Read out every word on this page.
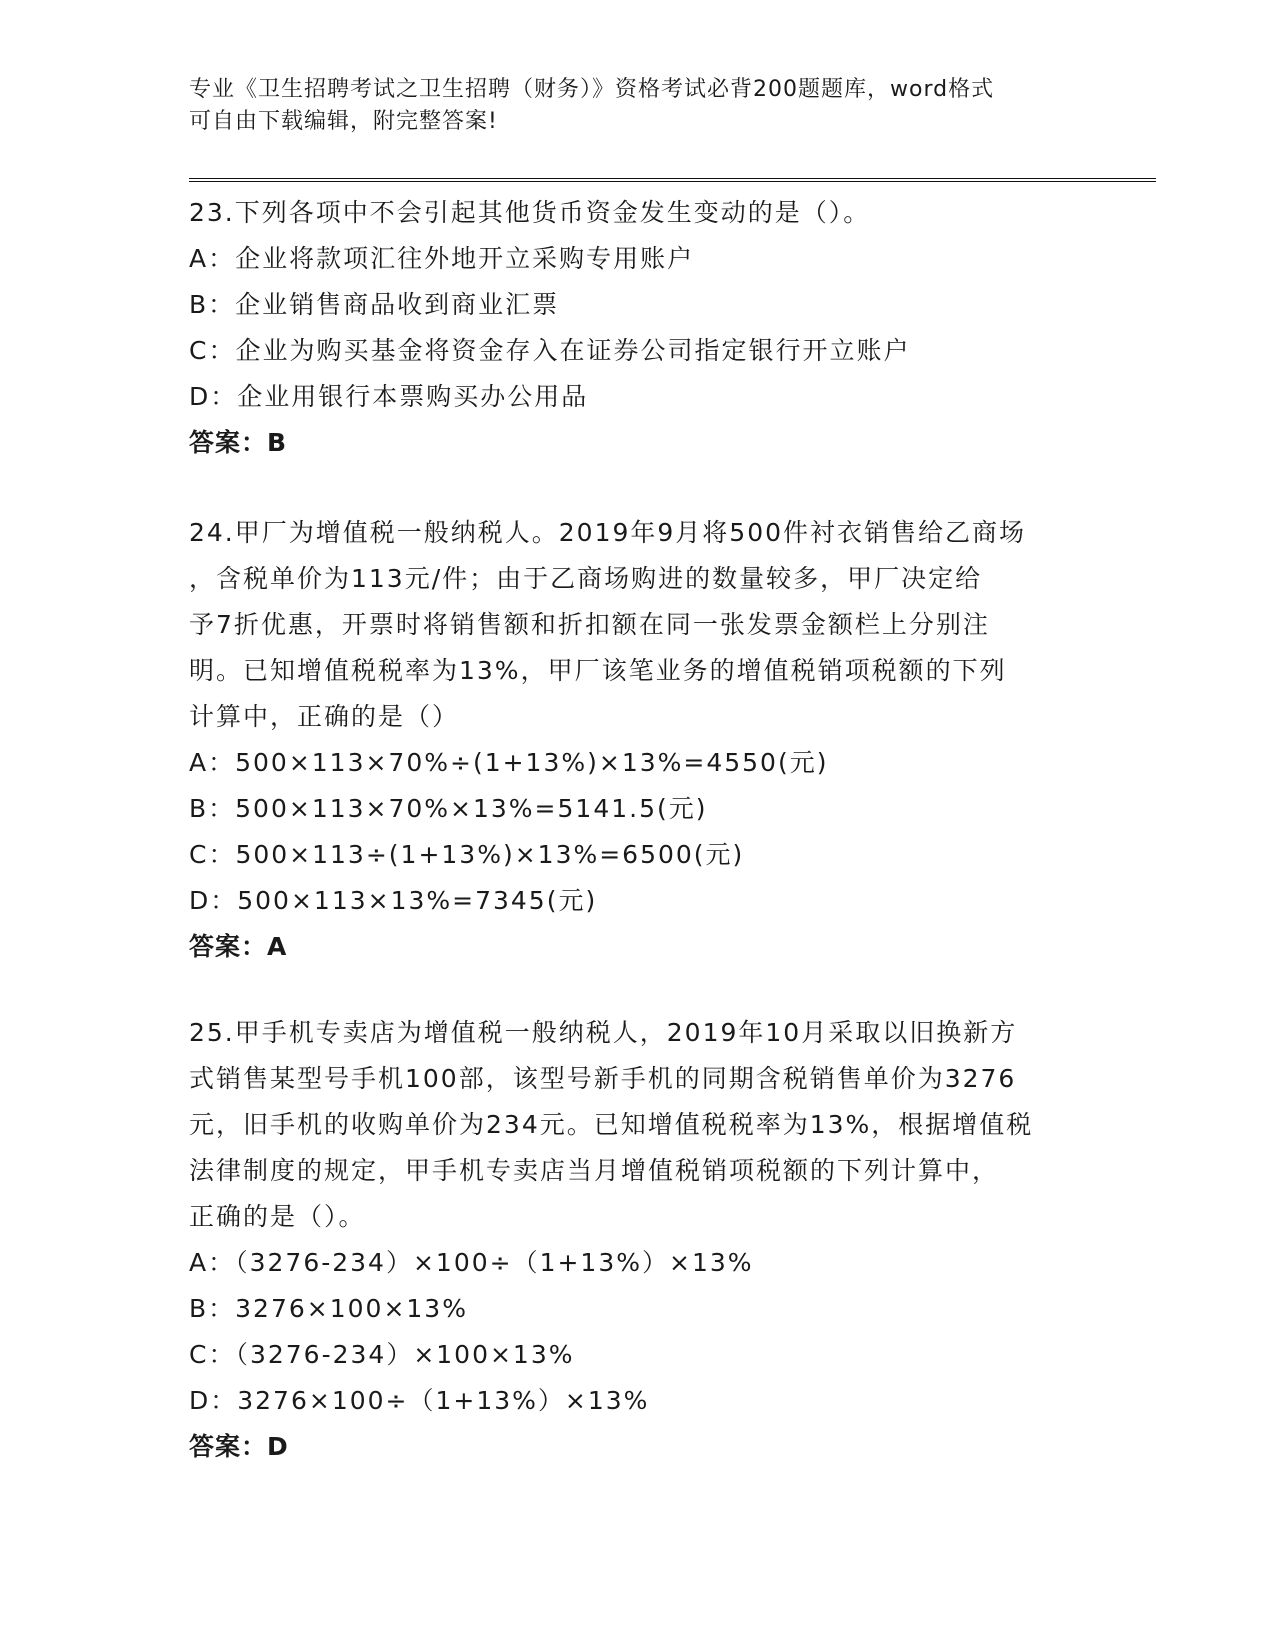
专业《卫生招聘考试之卫生招聘（财务）》资格考试必背200题题库，word格式
可自由下载编辑，附完整答案!
23.下列各项中不会引起其他货币资金发生变动的是（）。
A：企业将款项汇往外地开立采购专用账户
B：企业销售商品收到商业汇票
C：企业为购买基金将资金存入在证券公司指定银行开立账户
D：企业用银行本票购买办公用品
答案：B
24.甲厂为增值税一般纳税人。2019年9月将500件衬衣销售给乙商场
，含税单价为113元/件；由于乙商场购进的数量较多，甲厂决定给
予7折优惠，开票时将销售额和折扣额在同一张发票金额栏上分别注
明。已知增值税税率为13%，甲厂该笔业务的增值税销项税额的下列
计算中，正确的是（）
A：500×113×70%÷(1+13%)×13%=4550(元)
B：500×113×70%×13%=5141.5(元)
C：500×113÷(1+13%)×13%=6500(元)
D：500×113×13%=7345(元)
答案：A
25.甲手机专卖店为增值税一般纳税人，2019年10月采取以旧换新方
式销售某型号手机100部，该型号新手机的同期含税销售单价为3276
元，旧手机的收购单价为234元。已知增值税税率为13%，根据增值税
法律制度的规定，甲手机专卖店当月增值税销项税额的下列计算中，
正确的是（）。
A：（3276-234）×100÷（1+13%）×13%
B：3276×100×13%
C：（3276-234）×100×13%
D：3276×100÷（1+13%）×13%
答案：D
